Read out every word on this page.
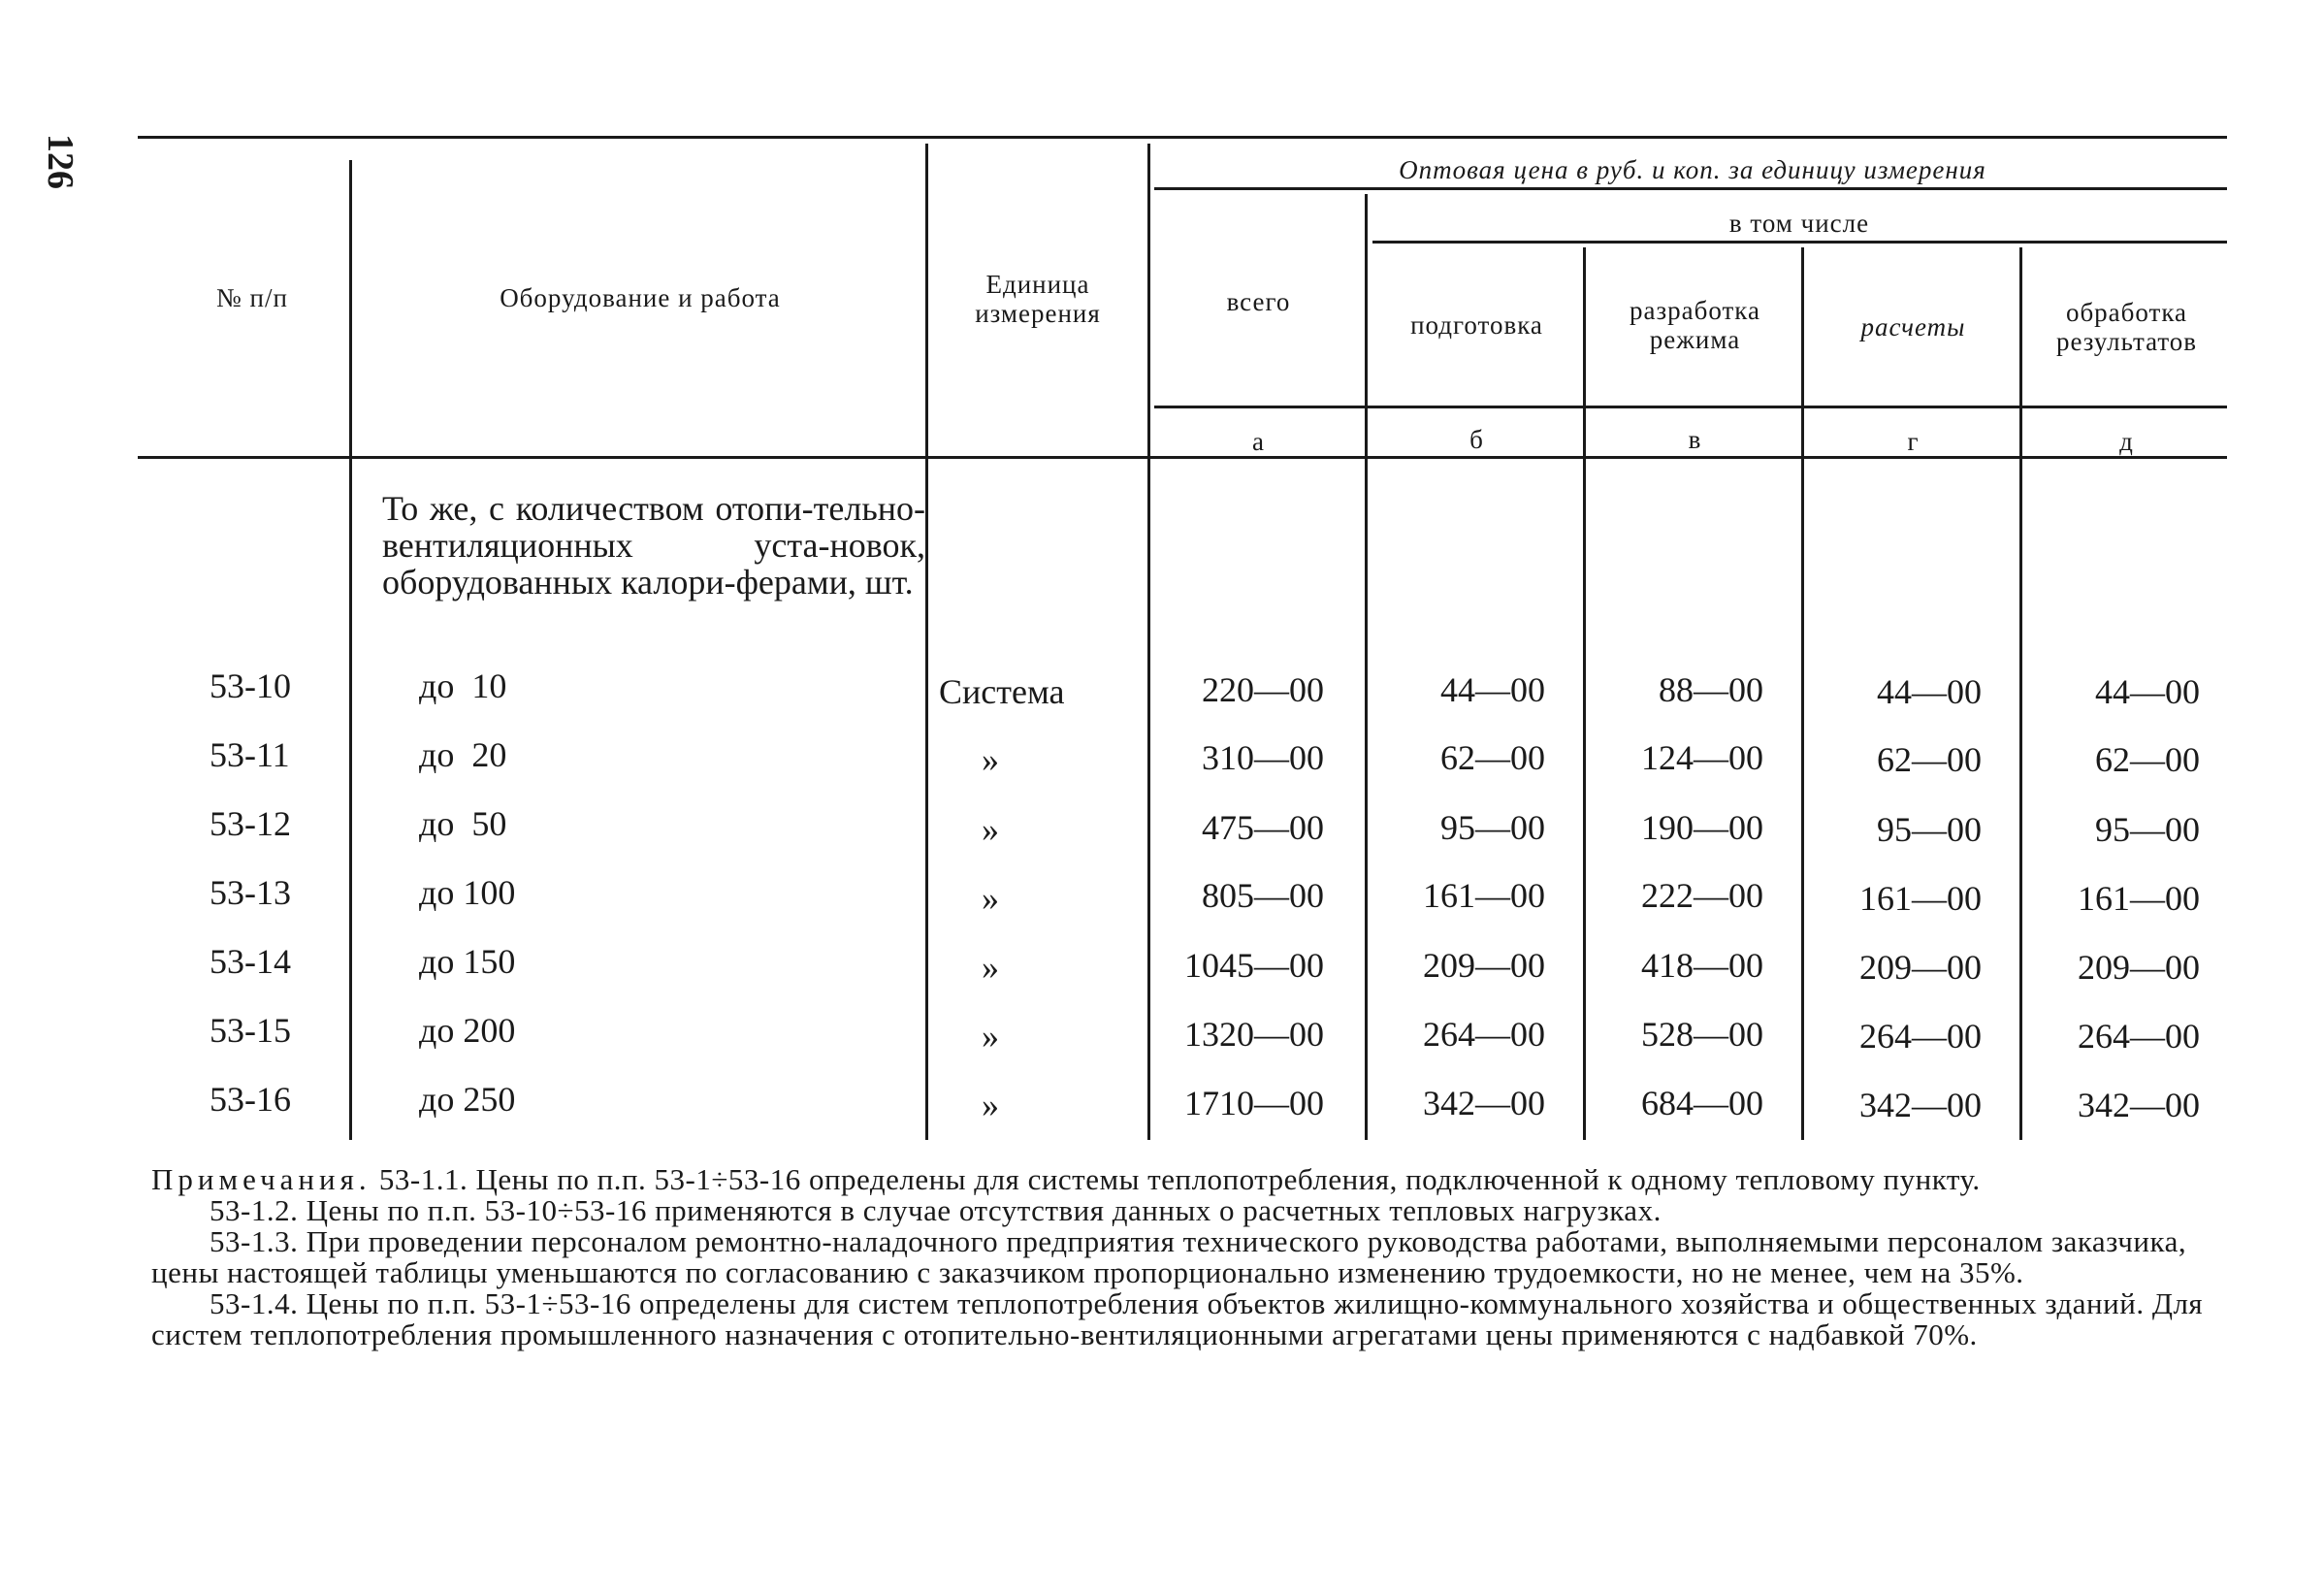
126
№ п/п	Оборудование и работа	Единица измерения
Оптовая цена в руб. и коп. за единицу измерения
в том числе
всего
подготовка	разработка режима	расчеты	обработка результатов
а	б	в	г	д
То же, с количеством отопи-тельно-вентиляционных уста-новок, оборудованных калори-ферами, шт.
53-10	до  10	Система	220—00	44—00	88—00	44—00	44—00
53-11	до  20	»	310—00	62—00	124—00	62—00	62—00
53-12	до  50	»	475—00	95—00	190—00	95—00	95—00
53-13	до 100	»	805—00	161—00	222—00	161—00	161—00
53-14	до 150	»	1045—00	209—00	418—00	209—00	209—00
53-15	до 200	»	1320—00	264—00	528—00	264—00	264—00
53-16	до 250	»	1710—00	342—00	684—00	342—00	342—00

Примечания. 53-1.1. Цены по п.п. 53-1÷53-16 определены для системы теплопотребления, подключенной к одному тепловому пункту.

53-1.2. Цены по п.п. 53-10÷53-16 применяются в случае отсутствия данных о расчетных тепловых нагрузках.

53-1.3. При проведении персоналом ремонтно-наладочного предприятия технического руководства работами, выполняемыми персоналом заказчика, цены настоящей таблицы уменьшаются по согласованию с заказчиком пропорционально изменению трудоемкости, но не менее, чем на 35%.

53-1.4. Цены по п.п. 53-1÷53-16 определены для систем теплопотребления объектов жилищно-коммунального хозяйства и общественных зданий. Для систем теплопотребления промышленного назначения с отопительно-вентиляционными агрегатами цены применяются с надбавкой 70%.
